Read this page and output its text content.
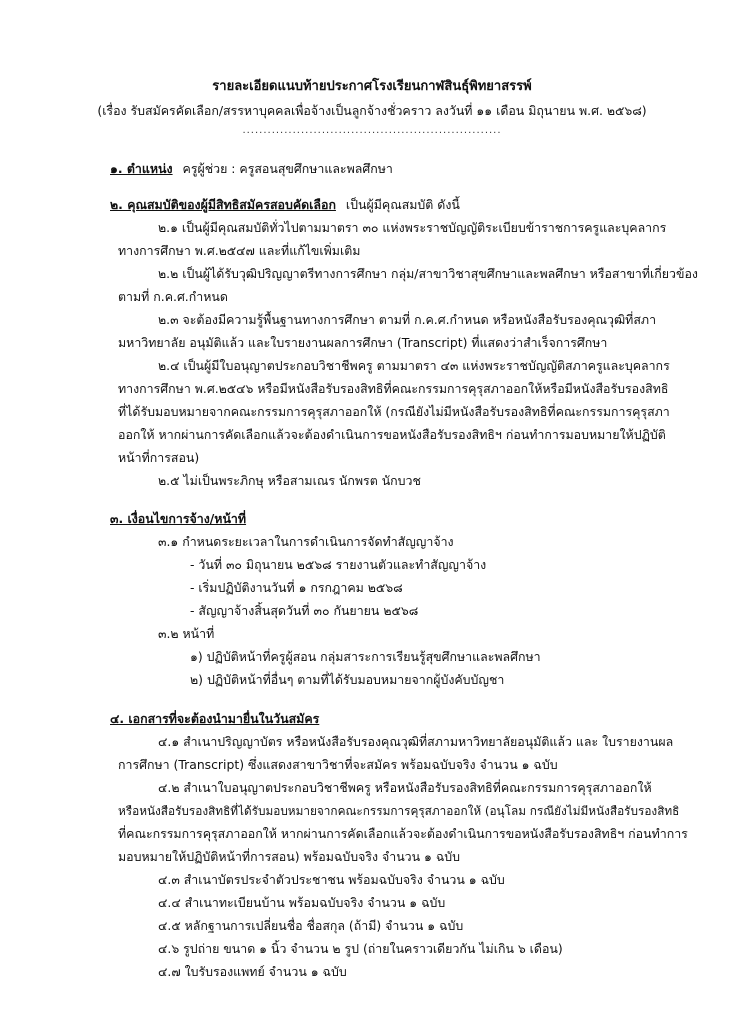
รายละเอียดแนบท้ายประกาศโรงเรียนกาฬสินธุ์พิทยาสรรพ์
(เรื่อง รับสมัครคัดเลือก/สรรหาบุคคลเพื่อจ้างเป็นลูกจ้างชั่วคราว ลงวันที่ ๑๑ เดือน มิถุนายน พ.ศ. ๒๕๖๘)
..............................................................
๑. ตำแหน่ง ครูผู้ช่วย : ครูสอนสุขศึกษาและพลศึกษา
๒. คุณสมบัติของผู้มีสิทธิสมัครสอบคัดเลือก เป็นผู้มีคุณสมบัติ ดังนี้
๒.๑ เป็นผู้มีคุณสมบัติทั่วไปตามมาตรา ๓๐ แห่งพระราชบัญญัติระเบียบข้าราชการครูและบุคลากร
ทางการศึกษา พ.ศ.๒๕๔๗ และที่แก้ไขเพิ่มเติม
๒.๒ เป็นผู้ได้รับวุฒิปริญญาตรีทางการศึกษา กลุ่ม/สาขาวิชาสุขศึกษาและพลศึกษา หรือสาขาที่เกี่ยวข้อง
ตามที่ ก.ค.ศ.กำหนด
๒.๓ จะต้องมีความรู้พื้นฐานทางการศึกษา ตามที่ ก.ค.ศ.กำหนด หรือหนังสือรับรองคุณวุฒิที่สภา
มหาวิทยาลัย อนุมัติแล้ว และใบรายงานผลการศึกษา (Transcript) ที่แสดงว่าสำเร็จการศึกษา
๒.๔ เป็นผู้มีใบอนุญาตประกอบวิชาชีพครู ตามมาตรา ๔๓ แห่งพระราชบัญญัติสภาครูและบุคลากร
ทางการศึกษา พ.ศ.๒๕๔๖ หรือมีหนังสือรับรองสิทธิที่คณะกรรมการคุรุสภาออกให้หรือมีหนังสือรับรองสิทธิ
ที่ได้รับมอบหมายจากคณะกรรมการคุรุสภาออกให้ (กรณียังไม่มีหนังสือรับรองสิทธิที่คณะกรรมการคุรุสภา
ออกให้ หากผ่านการคัดเลือกแล้วจะต้องดำเนินการขอหนังสือรับรองสิทธิฯ ก่อนทำการมอบหมายให้ปฏิบัติ
หน้าที่การสอน)
๒.๕ ไม่เป็นพระภิกษุ หรือสามเณร นักพรต นักบวช
๓. เงื่อนไขการจ้าง/หน้าที่
๓.๑ กำหนดระยะเวลาในการดำเนินการจัดทำสัญญาจ้าง
- วันที่ ๓๐ มิถุนายน ๒๕๖๘ รายงานตัวและทำสัญญาจ้าง
- เริ่มปฏิบัติงานวันที่ ๑ กรกฎาคม ๒๕๖๘
- สัญญาจ้างสิ้นสุดวันที่ ๓๐ กันยายน ๒๕๖๘
๓.๒ หน้าที่
๑) ปฏิบัติหน้าที่ครูผู้สอน กลุ่มสาระการเรียนรู้สุขศึกษาและพลศึกษา
๒) ปฏิบัติหน้าที่อื่นๆ ตามที่ได้รับมอบหมายจากผู้บังคับบัญชา
๔. เอกสารที่จะต้องนำมายื่นในวันสมัคร
๔.๑ สำเนาปริญญาบัตร หรือหนังสือรับรองคุณวุฒิที่สภามหาวิทยาลัยอนุมัติแล้ว และ ใบรายงานผล
การศึกษา (Transcript) ซึ่งแสดงสาขาวิชาที่จะสมัคร พร้อมฉบับจริง จำนวน ๑ ฉบับ
๔.๒ สำเนาใบอนุญาตประกอบวิชาชีพครู หรือหนังสือรับรองสิทธิที่คณะกรรมการคุรุสภาออกให้
หรือหนังสือรับรองสิทธิที่ได้รับมอบหมายจากคณะกรรมการคุรุสภาออกให้ (อนุโลม กรณียังไม่มีหนังสือรับรองสิทธิ
ที่คณะกรรมการคุรุสภาออกให้ หากผ่านการคัดเลือกแล้วจะต้องดำเนินการขอหนังสือรับรองสิทธิฯ ก่อนทำการ
มอบหมายให้ปฏิบัติหน้าที่การสอน) พร้อมฉบับจริง จำนวน ๑ ฉบับ
๔.๓ สำเนาบัตรประจำตัวประชาชน พร้อมฉบับจริง จำนวน ๑ ฉบับ
๔.๔ สำเนาทะเบียนบ้าน พร้อมฉบับจริง จำนวน ๑ ฉบับ
๔.๕ หลักฐานการเปลี่ยนชื่อ ชื่อสกุล (ถ้ามี) จำนวน ๑ ฉบับ
๔.๖ รูปถ่าย ขนาด ๑ นิ้ว จำนวน ๒ รูป (ถ่ายในคราวเดียวกัน ไม่เกิน ๖ เดือน)
๔.๗ ใบรับรองแพทย์ จำนวน ๑ ฉบับ
